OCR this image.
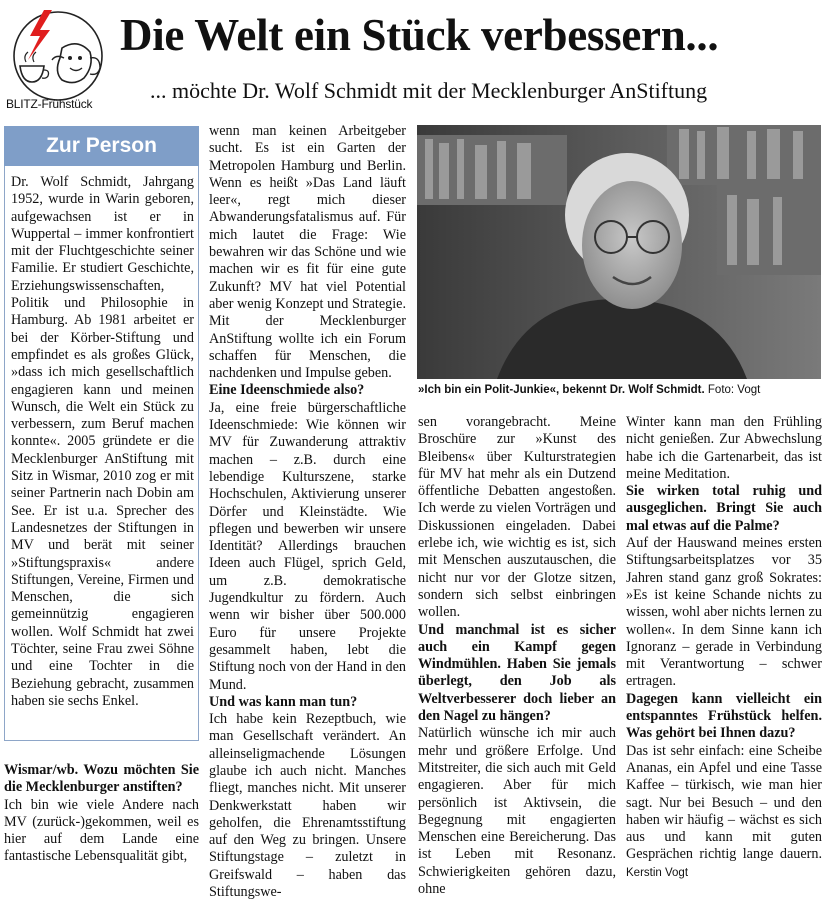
BLITZ-Frühstück
Die Welt ein Stück verbessern...
... möchte Dr. Wolf Schmidt mit der Mecklenburger AnStiftung
Zur Person
Dr. Wolf Schmidt, Jahrgang 1952, wurde in Warin geboren, aufgewachsen ist er in Wuppertal – immer konfrontiert mit der Fluchtgeschichte seiner Familie. Er studiert Geschichte, Erziehungswissenschaften, Politik und Philosophie in Hamburg. Ab 1981 arbeitet er bei der Körber-Stiftung und empfindet es als großes Glück, »dass ich mich gesellschaftlich engagieren kann und meinen Wunsch, die Welt ein Stück zu verbessern, zum Beruf machen konnte«. 2005 gründete er die Mecklenburger AnStiftung mit Sitz in Wismar, 2010 zog er mit seiner Partnerin nach Dobin am See. Er ist u.a. Sprecher des Landesnetzes der Stiftungen in MV und berät mit seiner »Stiftungspraxis« andere Stiftungen, Vereine, Firmen und Menschen, die sich gemeinnützig engagieren wollen. Wolf Schmidt hat zwei Töchter, seine Frau zwei Söhne und eine Tochter in die Beziehung gebracht, zusammen haben sie sechs Enkel.

Wismar/wb. Wozu möchten Sie die Mecklenburger anstiften?

Ich bin wie viele Andere nach MV (zurück-)gekommen, weil es hier auf dem Lande eine fantastische Lebensqualität gibt,

wenn man keinen Arbeitgeber sucht. Es ist ein Garten der Metropolen Hamburg und Berlin. Wenn es heißt »Das Land läuft leer«, regt mich dieser Abwanderungsfatalismus auf. Für mich lautet die Frage: Wie bewahren wir das Schöne und wie machen wir es fit für eine gute Zukunft? MV hat viel Potential aber wenig Konzept und Strategie. Mit der Mecklenburger AnStiftung wollte ich ein Forum schaffen für Menschen, die nachdenken und Impulse geben.

Eine Ideenschmiede also?

Ja, eine freie bürgerschaftliche Ideenschmiede: Wie können wir MV für Zuwanderung attraktiv machen – z.B. durch eine lebendige Kulturszene, starke Hochschulen, Aktivierung unserer Dörfer und Kleinstädte. Wie pflegen und bewerben wir unsere Identität? Allerdings brauchen Ideen auch Flügel, sprich Geld, um z.B. demokratische Jugendkultur zu fördern. Auch wenn wir bisher über 500.000 Euro für unsere Projekte gesammelt haben, lebt die Stiftung noch von der Hand in den Mund.

Und was kann man tun?

Ich habe kein Rezeptbuch, wie man Gesellschaft verändert. An alleinseligmachende Lösungen glaube ich auch nicht. Manches fliegt, manches nicht. Mit unserer Denkwerkstatt haben wir geholfen, die Ehrenamtsstiftung auf den Weg zu bringen. Unsere Stiftungstage – zuletzt in Greifswald – haben das Stiftungswe-

»Ich bin ein Polit-Junkie«, bekennt Dr. Wolf Schmidt. Foto: Vogt

sen vorangebracht. Meine Broschüre zur »Kunst des Bleibens« über Kulturstrategien für MV hat mehr als ein Dutzend öffentliche Debatten angestoßen. Ich werde zu vielen Vorträgen und Diskussionen eingeladen. Dabei erlebe ich, wie wichtig es ist, sich mit Menschen auszutauschen, die nicht nur vor der Glotze sitzen, sondern sich selbst einbringen wollen.

Und manchmal ist es sicher auch ein Kampf gegen Windmühlen. Haben Sie jemals überlegt, den Job als Weltverbesserer doch lieber an den Nagel zu hängen?

Natürlich wünsche ich mir auch mehr und größere Erfolge. Und Mitstreiter, die sich auch mit Geld engagieren. Aber für mich persönlich ist Aktivsein, die Begegnung mit engagierten Menschen eine Bereicherung. Das ist Leben mit Resonanz. Schwierigkeiten gehören dazu, ohne

Winter kann man den Frühling nicht genießen. Zur Abwechslung habe ich die Gartenarbeit, das ist meine Meditation.

Sie wirken total ruhig und ausgeglichen. Bringt Sie auch mal etwas auf die Palme?

Auf der Hauswand meines ersten Stiftungsarbeitsplatzes vor 35 Jahren stand ganz groß Sokrates: »Es ist keine Schande nichts zu wissen, wohl aber nichts lernen zu wollen«. In dem Sinne kann ich Ignoranz – gerade in Verbindung mit Verantwortung – schwer ertragen.

Dagegen kann vielleicht ein entspanntes Frühstück helfen. Was gehört bei Ihnen dazu?

Das ist sehr einfach: eine Scheibe Ananas, ein Apfel und eine Tasse Kaffee – türkisch, wie man hier sagt. Nur bei Besuch – und den haben wir häufig – wächst es sich aus und kann mit guten Gesprächen richtig lange dauern. Kerstin Vogt
